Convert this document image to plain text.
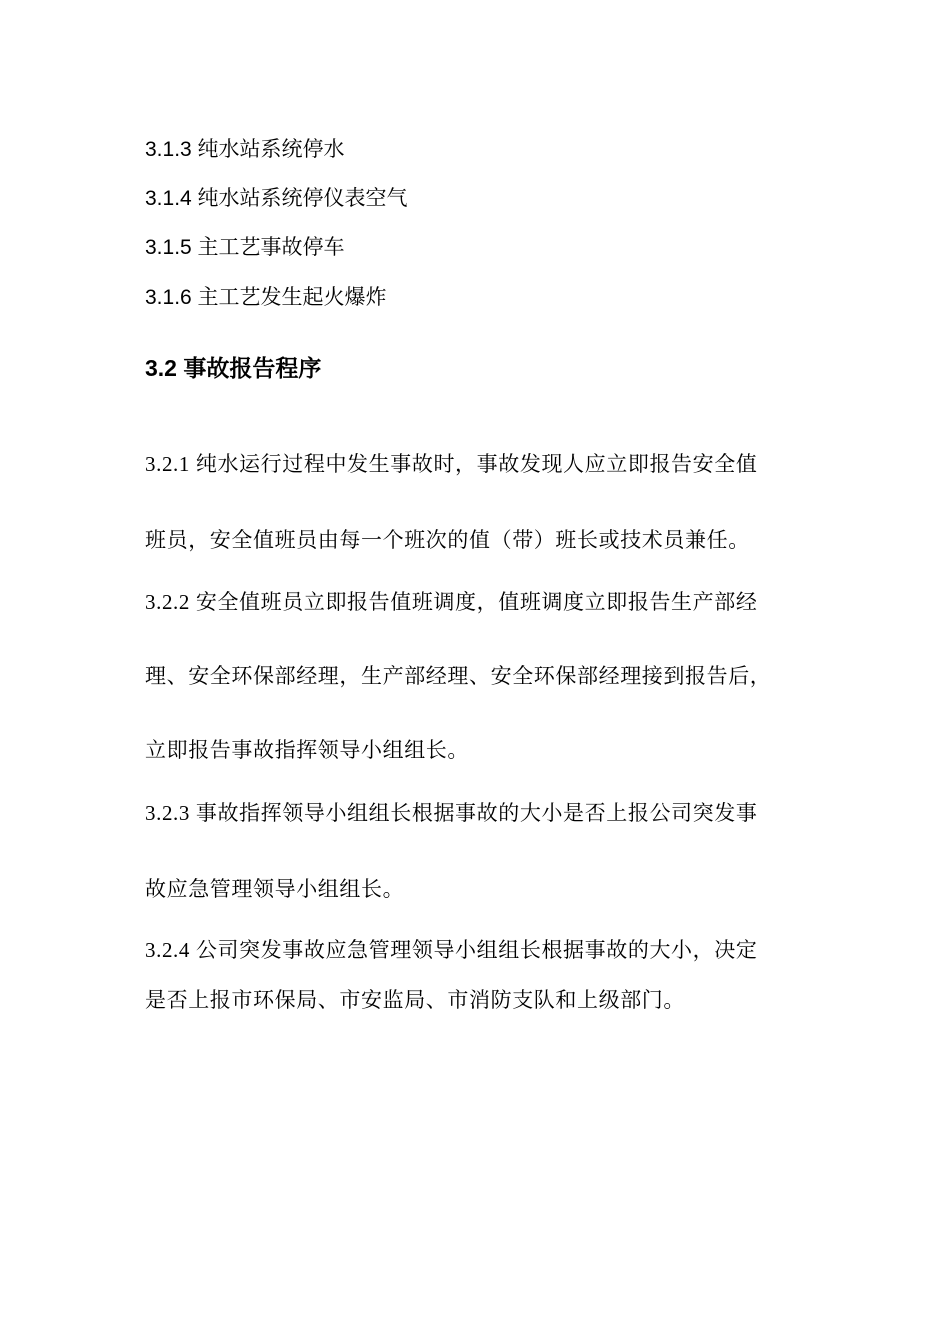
3.1.3 纯水站系统停水
3.1.4 纯水站系统停仪表空气
3.1.5 主工艺事故停车
3.1.6 主工艺发生起火爆炸
3.2 事故报告程序
3.2.1 纯水运行过程中发生事故时，事故发现人应立即报告安全值
班员，安全值班员由每一个班次的值（带）班长或技术员兼任。
3.2.2 安全值班员立即报告值班调度，值班调度立即报告生产部经
理、安全环保部经理，生产部经理、安全环保部经理接到报告后，
立即报告事故指挥领导小组组长。
3.2.3 事故指挥领导小组组长根据事故的大小是否上报公司突发事
故应急管理领导小组组长。
3.2.4 公司突发事故应急管理领导小组组长根据事故的大小，决定
是否上报市环保局、市安监局、市消防支队和上级部门。
